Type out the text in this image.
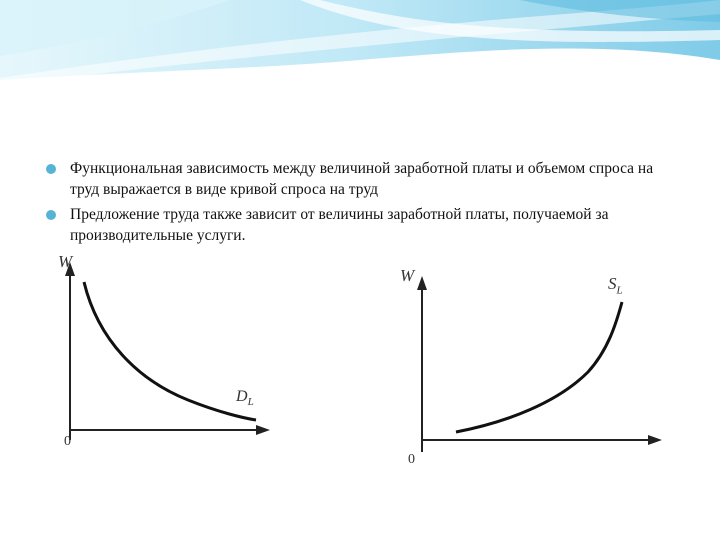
Функциональная зависимость между величиной заработной платы и объемом спроса на труд выражается в виде кривой спроса на труд
Предложение труда также зависит от величины заработной платы, получаемой за производительные услуги.
W
0
$D_L$
W
0
$S_L$
